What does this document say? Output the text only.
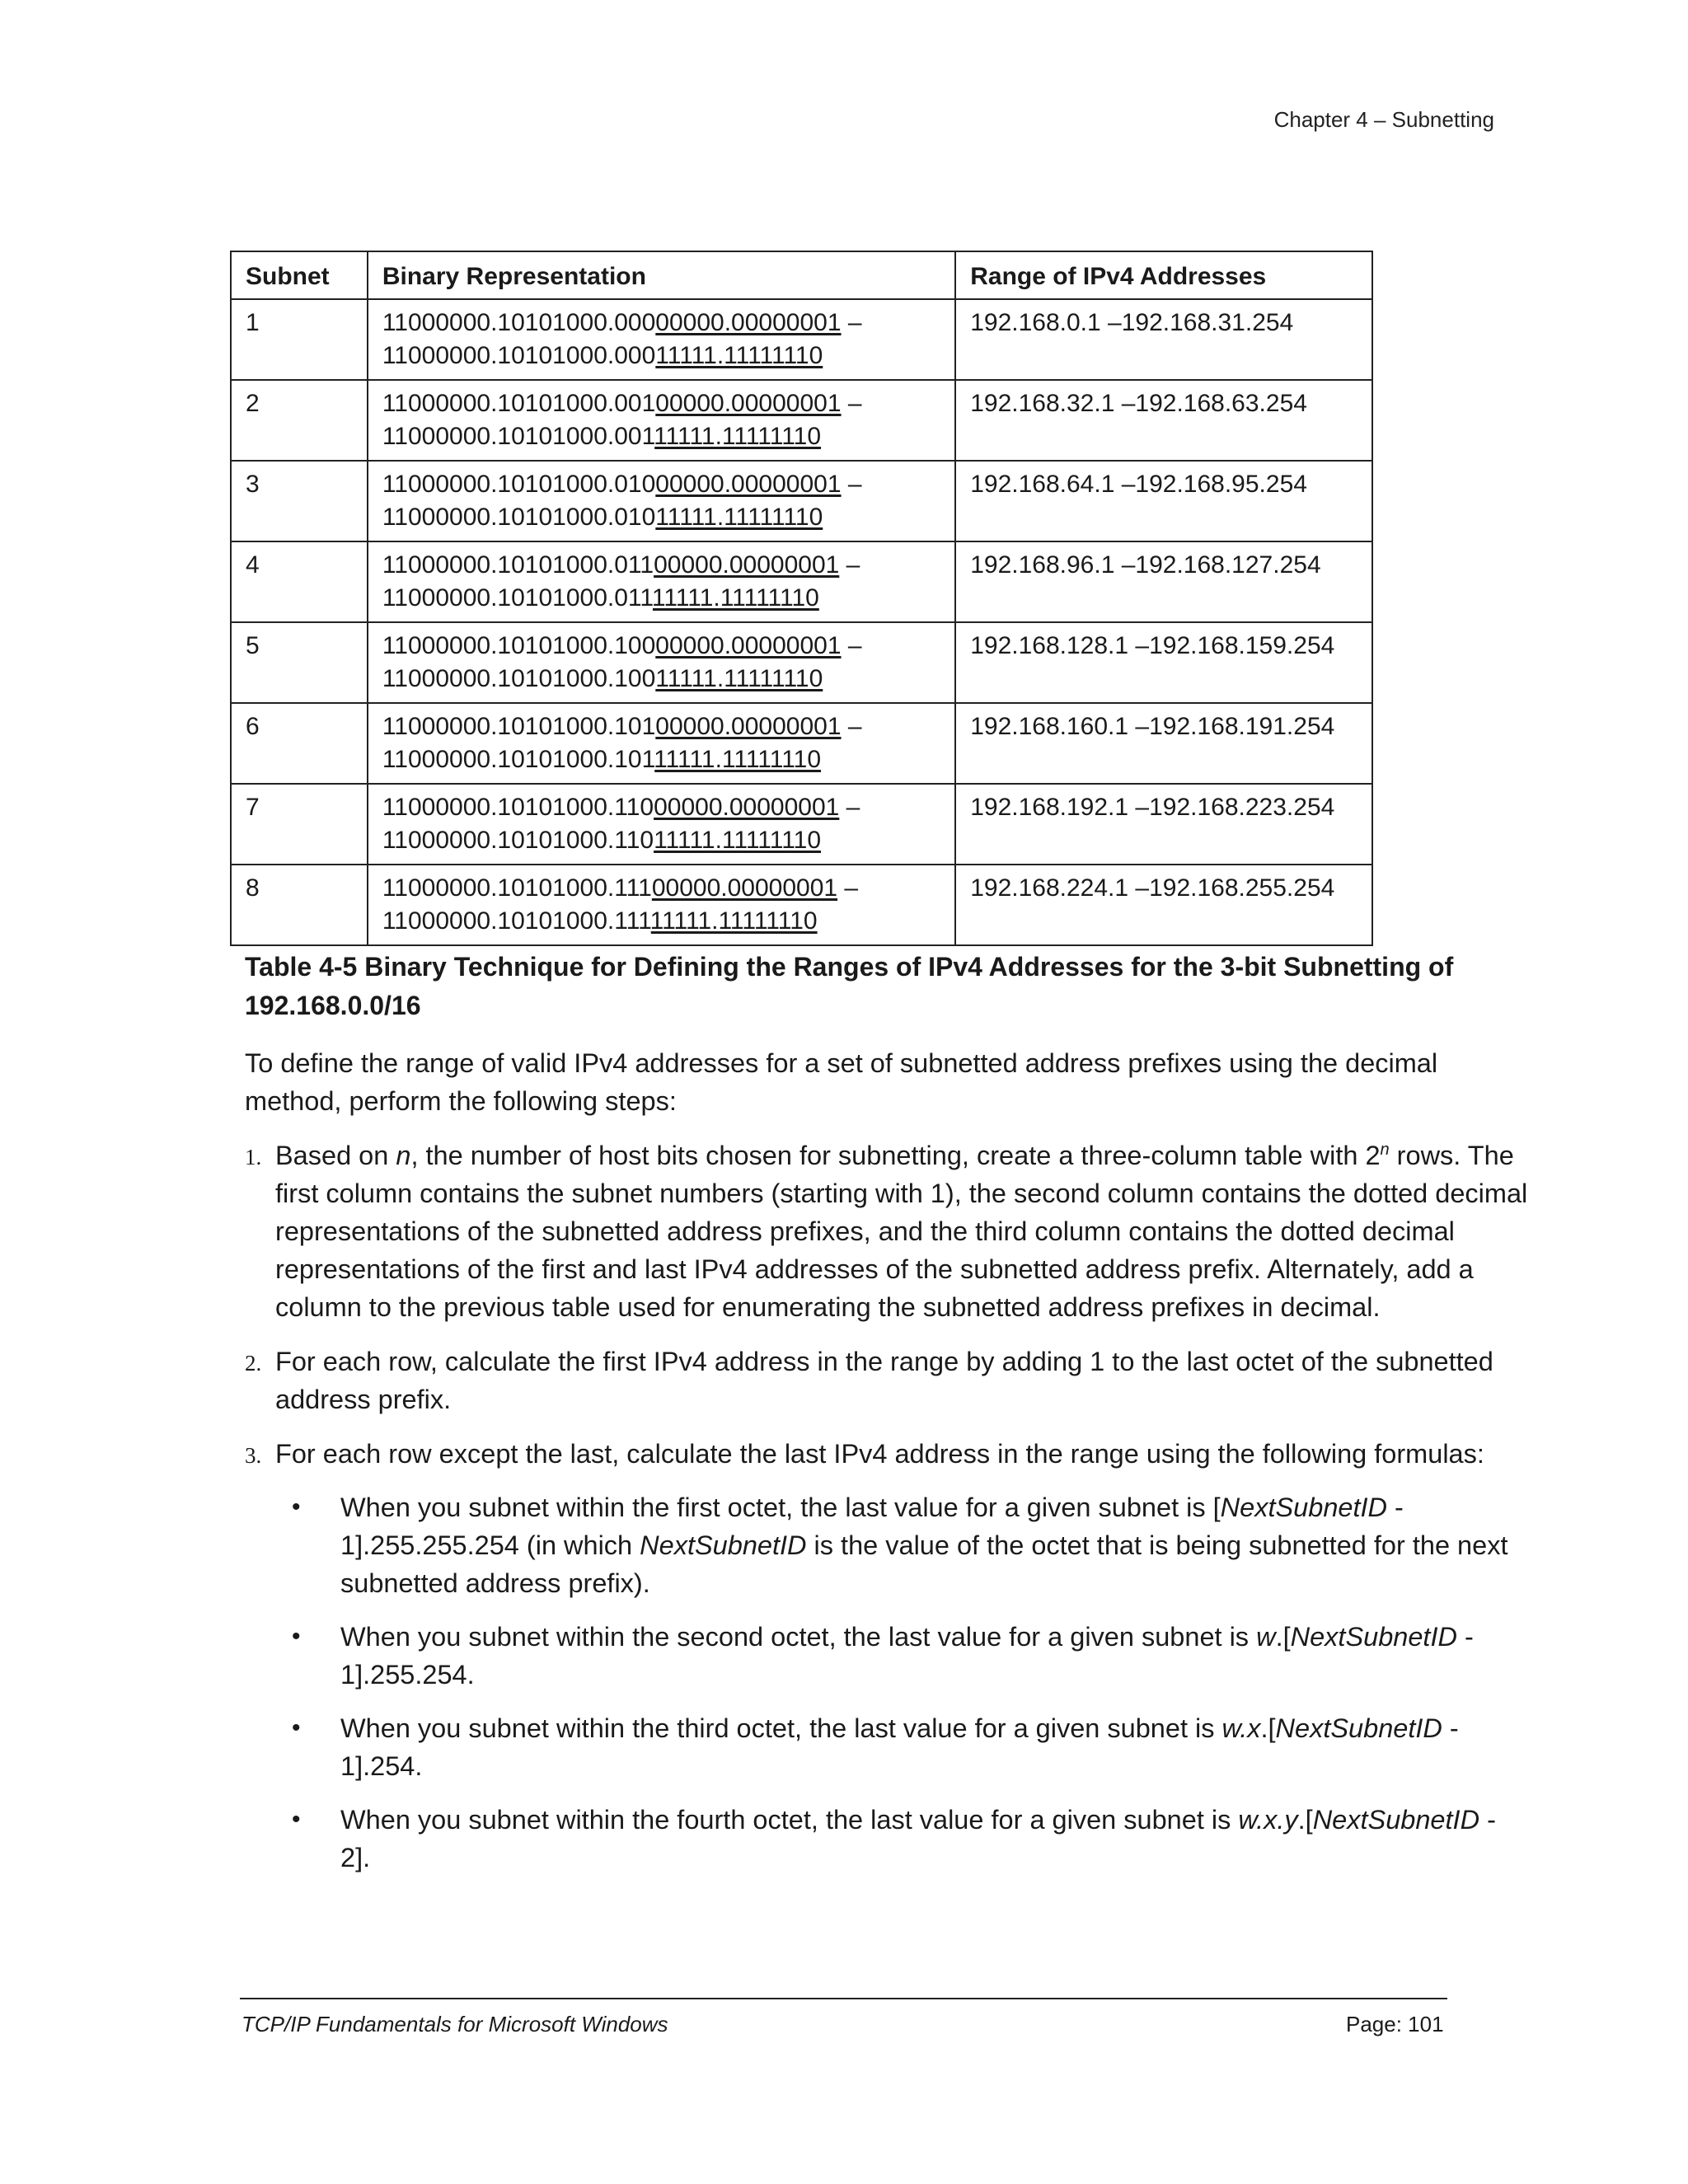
Chapter 4 – Subnetting
Subnet	Binary Representation	Range of IPv4 Addresses
1	11000000.10101000.00000000.00000001 –
11000000.10101000.00011111.11111110	192.168.0.1 –192.168.31.254
2	11000000.10101000.00100000.00000001 –
11000000.10101000.00111111.11111110	192.168.32.1 –192.168.63.254
3	11000000.10101000.01000000.00000001 –
11000000.10101000.01011111.11111110	192.168.64.1 –192.168.95.254
4	11000000.10101000.01100000.00000001 –
11000000.10101000.01111111.11111110	192.168.96.1 –192.168.127.254
5	11000000.10101000.10000000.00000001 –
11000000.10101000.10011111.11111110	192.168.128.1 –192.168.159.254
6	11000000.10101000.10100000.00000001 –
11000000.10101000.10111111.11111110	192.168.160.1 –192.168.191.254
7	11000000.10101000.11000000.00000001 –
11000000.10101000.11011111.11111110	192.168.192.1 –192.168.223.254
8	11000000.10101000.11100000.00000001 –
11000000.10101000.11111111.11111110	192.168.224.1 –192.168.255.254
Table 4-5 Binary Technique for Defining the Ranges of IPv4 Addresses for the 3-bit Subnetting of 192.168.0.0/16
To define the range of valid IPv4 addresses for a set of subnetted address prefixes using the decimal method, perform the following steps:
1. Based on n, the number of host bits chosen for subnetting, create a three-column table with 2$^n$ rows. The first column contains the subnet numbers (starting with 1), the second column contains the dotted decimal representations of the subnetted address prefixes, and the third column contains the dotted decimal representations of the first and last IPv4 addresses of the subnetted address prefix. Alternately, add a column to the previous table used for enumerating the subnetted address prefixes in decimal.
2. For each row, calculate the first IPv4 address in the range by adding 1 to the last octet of the subnetted address prefix.
3. For each row except the last, calculate the last IPv4 address in the range using the following formulas:
• When you subnet within the first octet, the last value for a given subnet is [NextSubnetID - 1].255.255.254 (in which NextSubnetID is the value of the octet that is being subnetted for the next subnetted address prefix).
• When you subnet within the second octet, the last value for a given subnet is w.[NextSubnetID - 1].255.254.
• When you subnet within the third octet, the last value for a given subnet is w.x.[NextSubnetID - 1].254.
• When you subnet within the fourth octet, the last value for a given subnet is w.x.y.[NextSubnetID - 2].
TCP/IP Fundamentals for Microsoft Windows	Page: 101
